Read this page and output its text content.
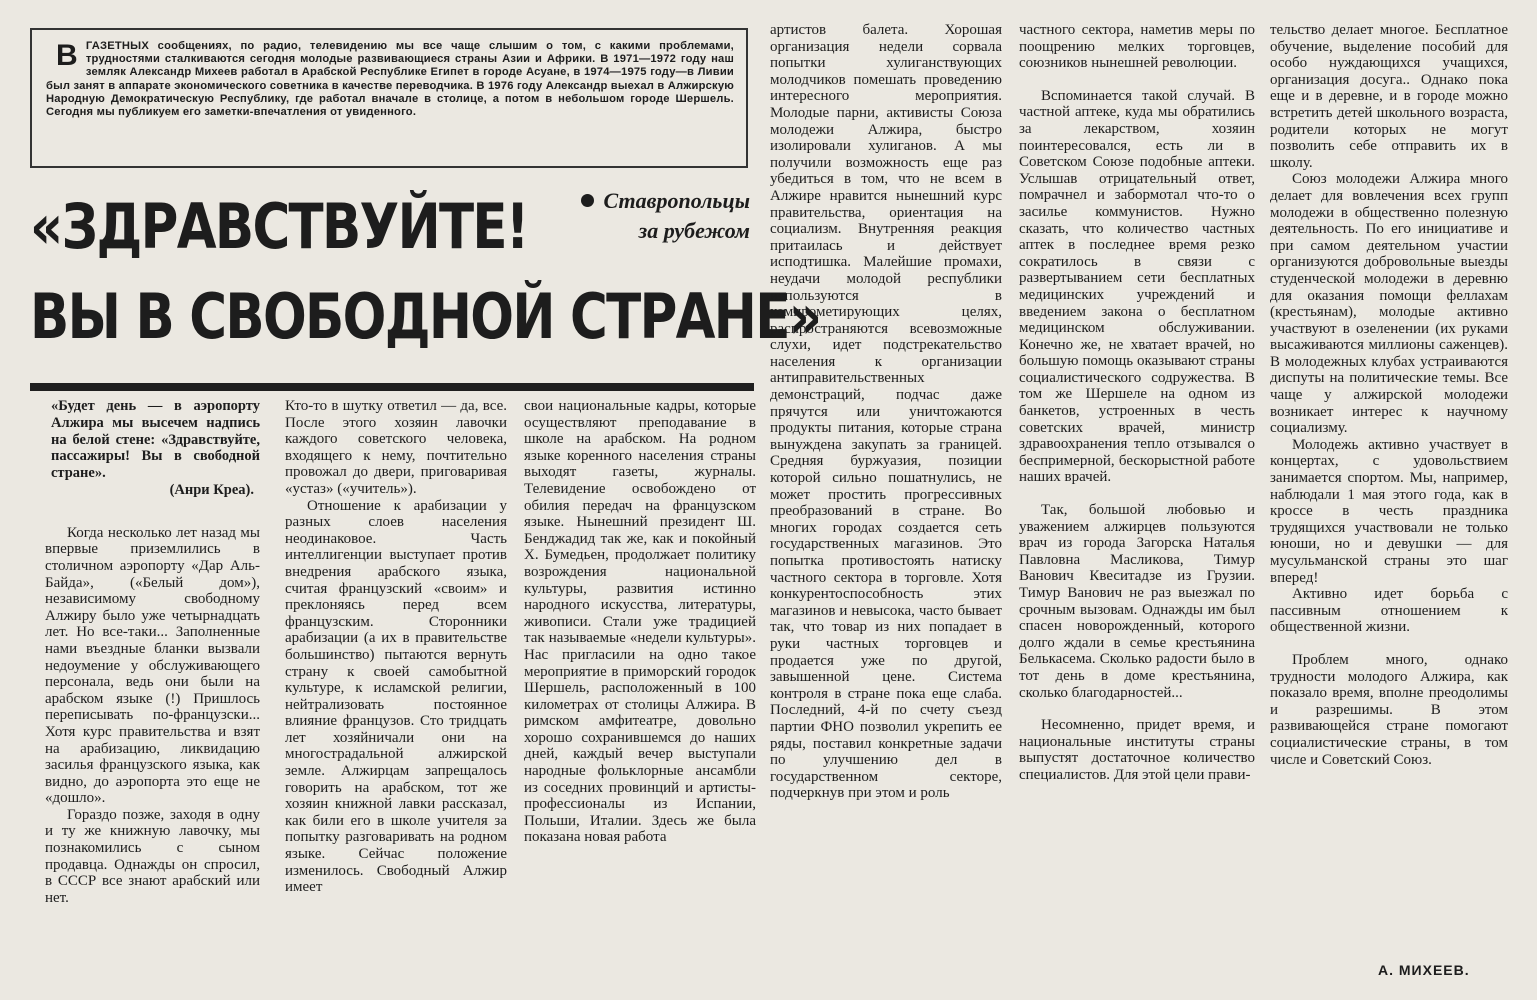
В ГАЗЕТНЫХ сообщениях, по радио, телевидению мы все чаще слышим о том, с какими проблемами, трудностями сталкиваются сегодня молодые развивающиеся страны Азии и Африки. В 1971—1972 году наш земляк Александр Михеев работал в Арабской Республике Египет в городе Асуане, в 1974—1975 году—в Ливии был занят в аппарате экономического советника в качестве переводчика. В 1976 году Александр выехал в Алжирскую Народную Демократическую Республику, где работал вначале в столице, а потом в небольшом городе Шершель. Сегодня мы публикуем его заметки-впечатления от увиденного.
«ЗДРАВСТВУЙТЕ!
ВЫ В СВОБОДНОЙ СТРАНЕ»
Ставропольцы
за рубежом
«Будет день — в аэропорту Алжира мы высечем надпись на белой стене: «Здравствуйте, пассажиры! Вы в свободной стране».
(Анри Креа).

Когда несколько лет назад мы впервые приземлились в столичном аэропорту «Дар Аль-Байда», («Белый дом»), независимому свободному Алжиру было уже четырнадцать лет. Но все-таки... Заполненные нами въездные бланки вызвали недоумение у обслуживающего персонала, ведь они были на арабском языке (!) Пришлось переписывать по-французски... Хотя курс правительства и взят на арабизацию, ликвидацию засилья французского языка, как видно, до аэропорта это еще не «дошло».

Гораздо позже, заходя в одну и ту же книжную лавочку, мы познакомились с сыном продавца. Однажды он спросил, в СССР все знают арабский или нет.

Кто-то в шутку ответил — да, все. После этого хозяин лавочки каждого советского человека, входящего к нему, почтительно провожал до двери, приговаривая «устаз» («учитель»).

Отношение к арабизации у разных слоев населения неодинаковое. Часть интеллигенции выступает против внедрения арабского языка, считая французский «своим» и преклоняясь перед всем французским. Сторонники арабизации (а их в правительстве большинство) пытаются вернуть страну к своей самобытной культуре, к исламской религии, нейтрализовать постоянное влияние французов. Сто тридцать лет хозяйничали они на многострадальной алжирской земле. Алжирцам запрещалось говорить на арабском, тот же хозяин книжной лавки рассказал, как били его в школе учителя за попытку разговаривать на родном языке. Сейчас положение изменилось. Свободный Алжир имеет

свои национальные кадры, которые осуществляют преподавание в школе на арабском. На родном языке коренного населения страны выходят газеты, журналы. Телевидение освобождено от обилия передач на французском языке. Нынешний президент Ш. Бенджадид так же, как и покойный Х. Бумедьен, продолжает политику возрождения национальной культуры, развития истинно народного искусства, литературы, живописи. Стали уже традицией так называемые «недели культуры». Нас пригласили на одно такое мероприятие в приморский городок Шершель, расположенный в 100 километрах от столицы Алжира. В римском амфитеатре, довольно хорошо сохранившемся до наших дней, каждый вечер выступали народные фольклорные ансамбли из соседних провинций и артисты-профессионалы из Испании, Польши, Италии. Здесь же была показана новая работа

артистов балета. Хорошая организация недели сорвала попытки хулиганствующих молодчиков помешать проведению интересного мероприятия. Молодые парни, активисты Союза молодежи Алжира, быстро изолировали хулиганов. А мы получили возможность еще раз убедиться в том, что не всем в Алжире нравится нынешний курс правительства, ориентация на социализм. Внутренняя реакция притаилась и действует исподтишка. Малейшие промахи, неудачи молодой республики используются в компрометирующих целях, распространяются всевозможные слухи, идет подстрекательство населения к организации антиправительственных демонстраций, подчас даже прячутся или уничтожаются продукты питания, которые страна вынуждена закупать за границей. Средняя буржуазия, позиции которой сильно пошатнулись, не может простить прогрессивных преобразований в стране. Во многих городах создается сеть государственных магазинов. Это попытка противостоять натиску частного сектора в торговле. Хотя конкурентоспособность этих магазинов и невысока, часто бывает так, что товар из них попадает в руки частных торговцев и продается уже по другой, завышенной цене. Система контроля в стране пока еще слаба. Последний, 4-й по счету съезд партии ФНО позволил укрепить ее ряды, поставил конкретные задачи по улучшению дел в государственном секторе, подчеркнув при этом и роль

частного сектора, наметив меры по поощрению мелких торговцев, союзников нынешней революции.

Вспоминается такой случай. В частной аптеке, куда мы обратились за лекарством, хозяин поинтересовался, есть ли в Советском Союзе подобные аптеки. Услышав отрицательный ответ, помрачнел и забормотал что-то о засилье коммунистов. Нужно сказать, что количество частных аптек в последнее время резко сократилось в связи с развертыванием сети бесплатных медицинских учреждений и введением закона о бесплатном медицинском обслуживании. Конечно же, не хватает врачей, но большую помощь оказывают страны социалистического содружества. В том же Шершеле на одном из банкетов, устроенных в честь советских врачей, министр здравоохранения тепло отзывался о беспримерной, бескорыстной работе наших врачей.

Так, большой любовью и уважением алжирцев пользуются врач из города Загорска Наталья Павловна Масликова, Тимур Ванович Квеситадзе из Грузии. Тимур Ванович не раз выезжал по срочным вызовам. Однажды им был спасен новорожденный, которого долго ждали в семье крестьянина Белькасема. Сколько радости было в тот день в доме крестьянина, сколько благодарностей...

Несомненно, придет время, и национальные институты страны выпустят достаточное количество специалистов. Для этой цели прави-

тельство делает многое. Бесплатное обучение, выделение пособий для особо нуждающихся учащихся, организация досуга.. Однако пока еще и в деревне, и в городе можно встретить детей школьного возраста, родители которых не могут позволить себе отправить их в школу.

Союз молодежи Алжира много делает для вовлечения всех групп молодежи в общественно полезную деятельность. По его инициативе и при самом деятельном участии организуются добровольные выезды студенческой молодежи в деревню для оказания помощи феллахам (крестьянам), молодые активно участвуют в озеленении (их руками высаживаются миллионы саженцев). В молодежных клубах устраиваются диспуты на политические темы. Все чаще у алжирской молодежи возникает интерес к научному социализму.

Молодежь активно участвует в концертах, с удовольствием занимается спортом. Мы, например, наблюдали 1 мая этого года, как в кроссе в честь праздника трудящихся участвовали не только юноши, но и девушки — для мусульманской страны это шаг вперед!

Активно идет борьба с пассивным отношением к общественной жизни.

Проблем много, однако трудности молодого Алжира, как показало время, вполне преодолимы и разрешимы. В этом развивающейся стране помогают социалистические страны, в том числе и Советский Союз.

А. МИХЕЕВ.
